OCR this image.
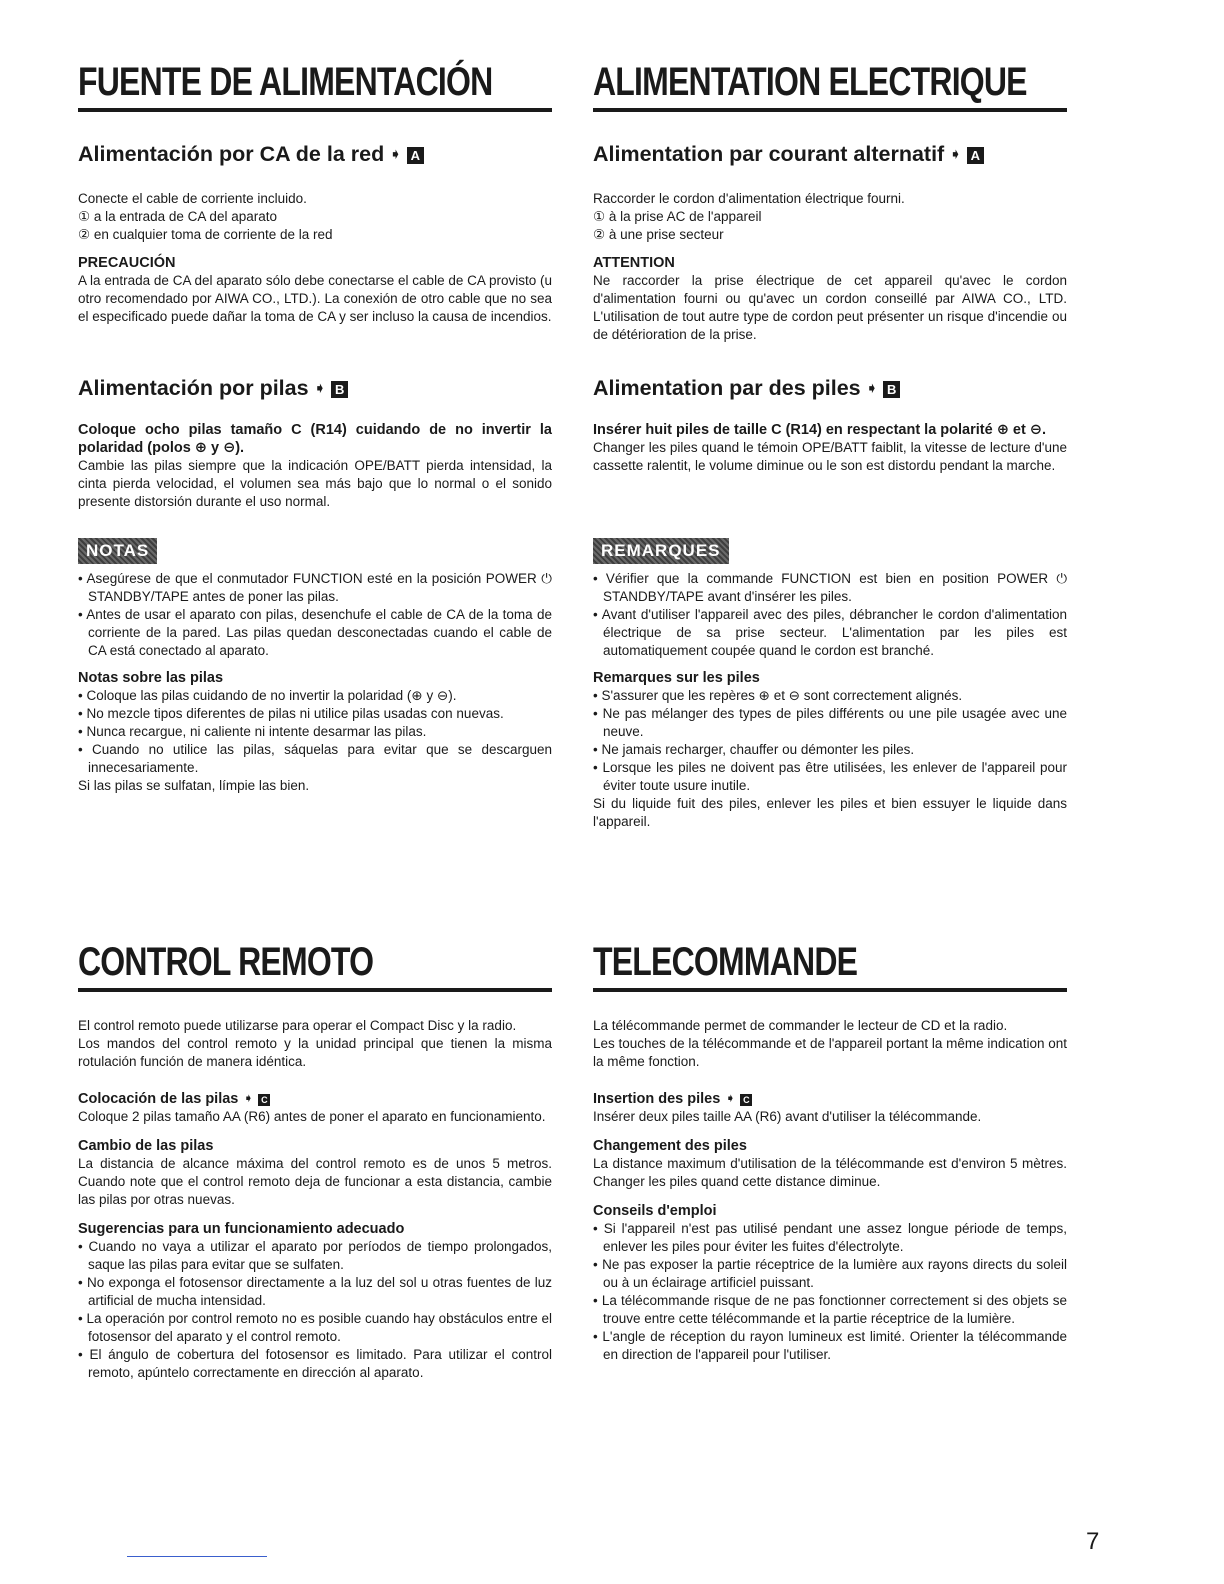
FUENTE DE ALIMENTACIÓN
Alimentación por CA de la red ➧ A

Conecte el cable de corriente incluido.

① a la entrada de CA del aparato

② en cualquier toma de corriente de la red

PRECAUCIÓN

A la entrada de CA del aparato sólo debe conectarse el cable de CA provisto (u otro recomendado por AIWA CO., LTD.). La conexión de otro cable que no sea el especificado puede dañar la toma de CA y ser incluso la causa de incendios.

Alimentación por pilas ➧ B

Coloque ocho pilas tamaño C (R14) cuidando de no invertir la polaridad (polos ⊕ y ⊖).

Cambie las pilas siempre que la indicación OPE/BATT pierda intensidad, la cinta pierda velocidad, el volumen sea más bajo que lo normal o el sonido presente distorsión durante el uso normal.

NOTAS
• Asegúrese de que el conmutador FUNCTION esté en la posición POWER ⏻ STANDBY/TAPE antes de poner las pilas.
• Antes de usar el aparato con pilas, desenchufe el cable de CA de la toma de corriente de la pared. Las pilas quedan desconectadas cuando el cable de CA está conectado al aparato.

Notas sobre las pilas

• Coloque las pilas cuidando de no invertir la polaridad (⊕ y ⊖).
• No mezcle tipos diferentes de pilas ni utilice pilas usadas con nuevas.
• Nunca recargue, ni caliente ni intente desarmar las pilas.
• Cuando no utilice las pilas, sáquelas para evitar que se descarguen innecesariamente.

Si las pilas se sulfatan, límpie las bien.

CONTROL REMOTO

El control remoto puede utilizarse para operar el Compact Disc y la radio.

Los mandos del control remoto y la unidad principal que tienen la misma rotulación función de manera idéntica.

Colocación de las pilas ➧ C

Coloque 2 pilas tamaño AA (R6) antes de poner el aparato en funcionamiento.

Cambio de las pilas

La distancia de alcance máxima del control remoto es de unos 5 metros. Cuando note que el control remoto deja de funcionar a esta distancia, cambie las pilas por otras nuevas.

Sugerencias para un funcionamiento adecuado

• Cuando no vaya a utilizar el aparato por períodos de tiempo prolongados, saque las pilas para evitar que se sulfaten.
• No exponga el fotosensor directamente a la luz del sol u otras fuentes de luz artificial de mucha intensidad.
• La operación por control remoto no es posible cuando hay obstáculos entre el fotosensor del aparato y el control remoto.
• El ángulo de cobertura del fotosensor es limitado. Para utilizar el control remoto, apúntelo correctamente en dirección al aparato.
ALIMENTATION ELECTRIQUE
Alimentation par courant alternatif ➧ A

Raccorder le cordon d'alimentation électrique fourni.

① à la prise AC de l'appareil

② à une prise secteur

ATTENTION

Ne raccorder la prise électrique de cet appareil qu'avec le cordon d'alimentation fourni ou qu'avec un cordon conseillé par AIWA CO., LTD. L'utilisation de tout autre type de cordon peut présenter un risque d'incendie ou de détérioration de la prise.

Alimentation par des piles ➧ B

Insérer huit piles de taille C (R14) en respectant la polarité ⊕ et ⊖.

Changer les piles quand le témoin OPE/BATT faiblit, la vitesse de lecture d'une cassette ralentit, le volume diminue ou le son est distordu pendant la marche.

REMARQUES
• Vérifier que la commande FUNCTION est bien en position POWER ⏻ STANDBY/TAPE avant d'insérer les piles.
• Avant d'utiliser l'appareil avec des piles, débrancher le cordon d'alimentation électrique de sa prise secteur. L'alimentation par les piles est automatiquement coupée quand le cordon est branché.

Remarques sur les piles

• S'assurer que les repères ⊕ et ⊖ sont correctement alignés.
• Ne pas mélanger des types de piles différents ou une pile usagée avec une neuve.
• Ne jamais recharger, chauffer ou démonter les piles.
• Lorsque les piles ne doivent pas être utilisées, les enlever de l'appareil pour éviter toute usure inutile.

Si du liquide fuit des piles, enlever les piles et bien essuyer le liquide dans l'appareil.

TELECOMMANDE

La télécommande permet de commander le lecteur de CD et la radio.

Les touches de la télécommande et de l'appareil portant la même indication ont la même fonction.

Insertion des piles ➧ C

Insérer deux piles taille AA (R6) avant d'utiliser la télécommande.

Changement des piles

La distance maximum d'utilisation de la télécommande est d'environ 5 mètres. Changer les piles quand cette distance diminue.

Conseils d'emploi

• Si l'appareil n'est pas utilisé pendant une assez longue période de temps, enlever les piles pour éviter les fuites d'électrolyte.
• Ne pas exposer la partie réceptrice de la lumière aux rayons directs du soleil ou à un éclairage artificiel puissant.
• La télécommande risque de ne pas fonctionner correctement si des objets se trouve entre cette télécommande et la partie réceptrice de la lumière.
• L'angle de réception du rayon lumineux est limité. Orienter la télécommande en direction de l'appareil pour l'utiliser.
7
